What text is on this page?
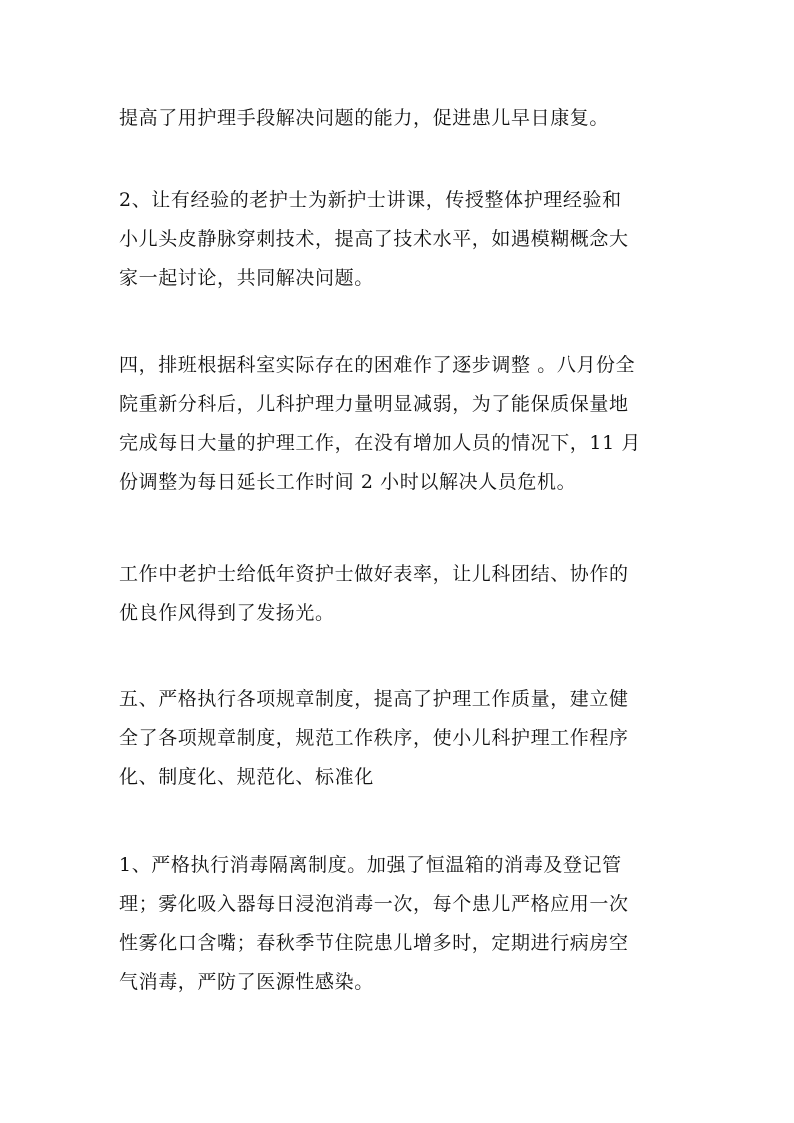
提高了用护理手段解决问题的能力，促进患儿早日康复。

2、让有经验的老护士为新护士讲课，传授整体护理经验和
小儿头皮静脉穿刺技术，提高了技术水平，如遇模糊概念大
家一起讨论，共同解决问题。

四，排班根据科室实际存在的困难作了逐步调整 。八月份全
院重新分科后，儿科护理力量明显减弱，为了能保质保量地
完成每日大量的护理工作，在没有增加人员的情况下，11 月
份调整为每日延长工作时间 2 小时以解决人员危机。

工作中老护士给低年资护士做好表率，让儿科团结、协作的
优良作风得到了发扬光。

五、严格执行各项规章制度，提高了护理工作质量，建立健
全了各项规章制度，规范工作秩序，使小儿科护理工作程序
化、制度化、规范化、标准化

1、严格执行消毒隔离制度。加强了恒温箱的消毒及登记管
理；雾化吸入器每日浸泡消毒一次，每个患儿严格应用一次
性雾化口含嘴；春秋季节住院患儿增多时，定期进行病房空
气消毒，严防了医源性感染。
